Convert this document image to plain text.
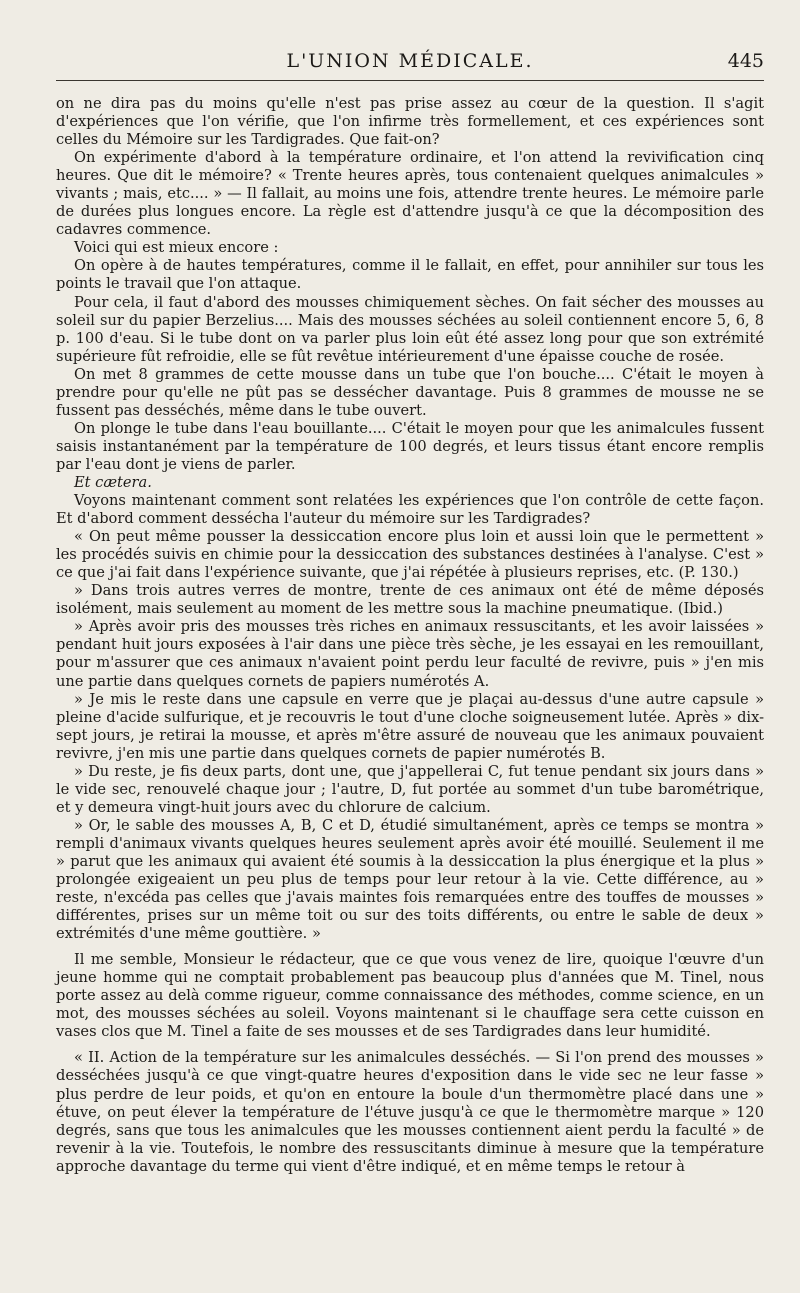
L'UNION MÉDICALE.	445

on ne dira pas du moins qu'elle n'est pas prise assez au cœur de la question. Il s'agit d'expériences que l'on vérifie, que l'on infirme très formellement, et ces expériences sont celles du Mémoire sur les Tardigrades. Que fait-on?

On expérimente d'abord à la température ordinaire, et l'on attend la revivification cinq heures. Que dit le mémoire? « Trente heures après, tous contenaient quelques animalcules » vivants ; mais, etc.... » — Il fallait, au moins une fois, attendre trente heures. Le mémoire parle de durées plus longues encore. La règle est d'attendre jusqu'à ce que la décomposition des cadavres commence.

Voici qui est mieux encore :

On opère à de hautes températures, comme il le fallait, en effet, pour annihiler sur tous les points le travail que l'on attaque.

Pour cela, il faut d'abord des mousses chimiquement sèches. On fait sécher des mousses au soleil sur du papier Berzelius.... Mais des mousses séchées au soleil contiennent encore 5, 6, 8 p. 100 d'eau. Si le tube dont on va parler plus loin eût été assez long pour que son extrémité supérieure fût refroidie, elle se fût revêtue intérieurement d'une épaisse couche de rosée.

On met 8 grammes de cette mousse dans un tube que l'on bouche.... C'était le moyen à prendre pour qu'elle ne pût pas se dessécher davantage. Puis 8 grammes de mousse ne se fussent pas desséchés, même dans le tube ouvert.

On plonge le tube dans l'eau bouillante.... C'était le moyen pour que les animalcules fussent saisis instantanément par la température de 100 degrés, et leurs tissus étant encore remplis par l'eau dont je viens de parler.

Et cætera.

Voyons maintenant comment sont relatées les expériences que l'on contrôle de cette façon. Et d'abord comment dessécha l'auteur du mémoire sur les Tardigrades?

« On peut même pousser la dessiccation encore plus loin et aussi loin que le permettent » les procédés suivis en chimie pour la dessiccation des substances destinées à l'analyse. C'est » ce que j'ai fait dans l'expérience suivante, que j'ai répétée à plusieurs reprises, etc. (P. 130.)

» Dans trois autres verres de montre, trente de ces animaux ont été de même déposés isolément, mais seulement au moment de les mettre sous la machine pneumatique. (Ibid.)

» Après avoir pris des mousses très riches en animaux ressuscitants, et les avoir laissées » pendant huit jours exposées à l'air dans une pièce très sèche, je les essayai en les remouillant, pour m'assurer que ces animaux n'avaient point perdu leur faculté de revivre, puis » j'en mis une partie dans quelques cornets de papiers numérotés A.

» Je mis le reste dans une capsule en verre que je plaçai au-dessus d'une autre capsule » pleine d'acide sulfurique, et je recouvris le tout d'une cloche soigneusement lutée. Après » dix-sept jours, je retirai la mousse, et après m'être assuré de nouveau que les animaux pouvaient revivre, j'en mis une partie dans quelques cornets de papier numérotés B.

» Du reste, je fis deux parts, dont une, que j'appellerai C, fut tenue pendant six jours dans » le vide sec, renouvelé chaque jour ; l'autre, D, fut portée au sommet d'un tube barométrique, et y demeura vingt-huit jours avec du chlorure de calcium.

» Or, le sable des mousses A, B, C et D, étudié simultanément, après ce temps se montra » rempli d'animaux vivants quelques heures seulement après avoir été mouillé. Seulement il me » parut que les animaux qui avaient été soumis à la dessiccation la plus énergique et la plus » prolongée exigeaient un peu plus de temps pour leur retour à la vie. Cette différence, au » reste, n'excéda pas celles que j'avais maintes fois remarquées entre des touffes de mousses » différentes, prises sur un même toit ou sur des toits différents, ou entre le sable de deux » extrémités d'une même gouttière. »

Il me semble, Monsieur le rédacteur, que ce que vous venez de lire, quoique l'œuvre d'un jeune homme qui ne comptait probablement pas beaucoup plus d'années que M. Tinel, nous porte assez au delà comme rigueur, comme connaissance des méthodes, comme science, en un mot, des mousses séchées au soleil. Voyons maintenant si le chauffage sera cette cuisson en vases clos que M. Tinel a faite de ses mousses et de ses Tardigrades dans leur humidité.

« II. Action de la température sur les animalcules desséchés. — Si l'on prend des mousses » desséchées jusqu'à ce que vingt-quatre heures d'exposition dans le vide sec ne leur fasse » plus perdre de leur poids, et qu'on en entoure la boule d'un thermomètre placé dans une » étuve, on peut élever la température de l'étuve jusqu'à ce que le thermomètre marque » 120 degrés, sans que tous les animalcules que les mousses contiennent aient perdu la faculté » de revenir à la vie. Toutefois, le nombre des ressuscitants diminue à mesure que la température approche davantage du terme qui vient d'être indiqué, et en même temps le retour à
